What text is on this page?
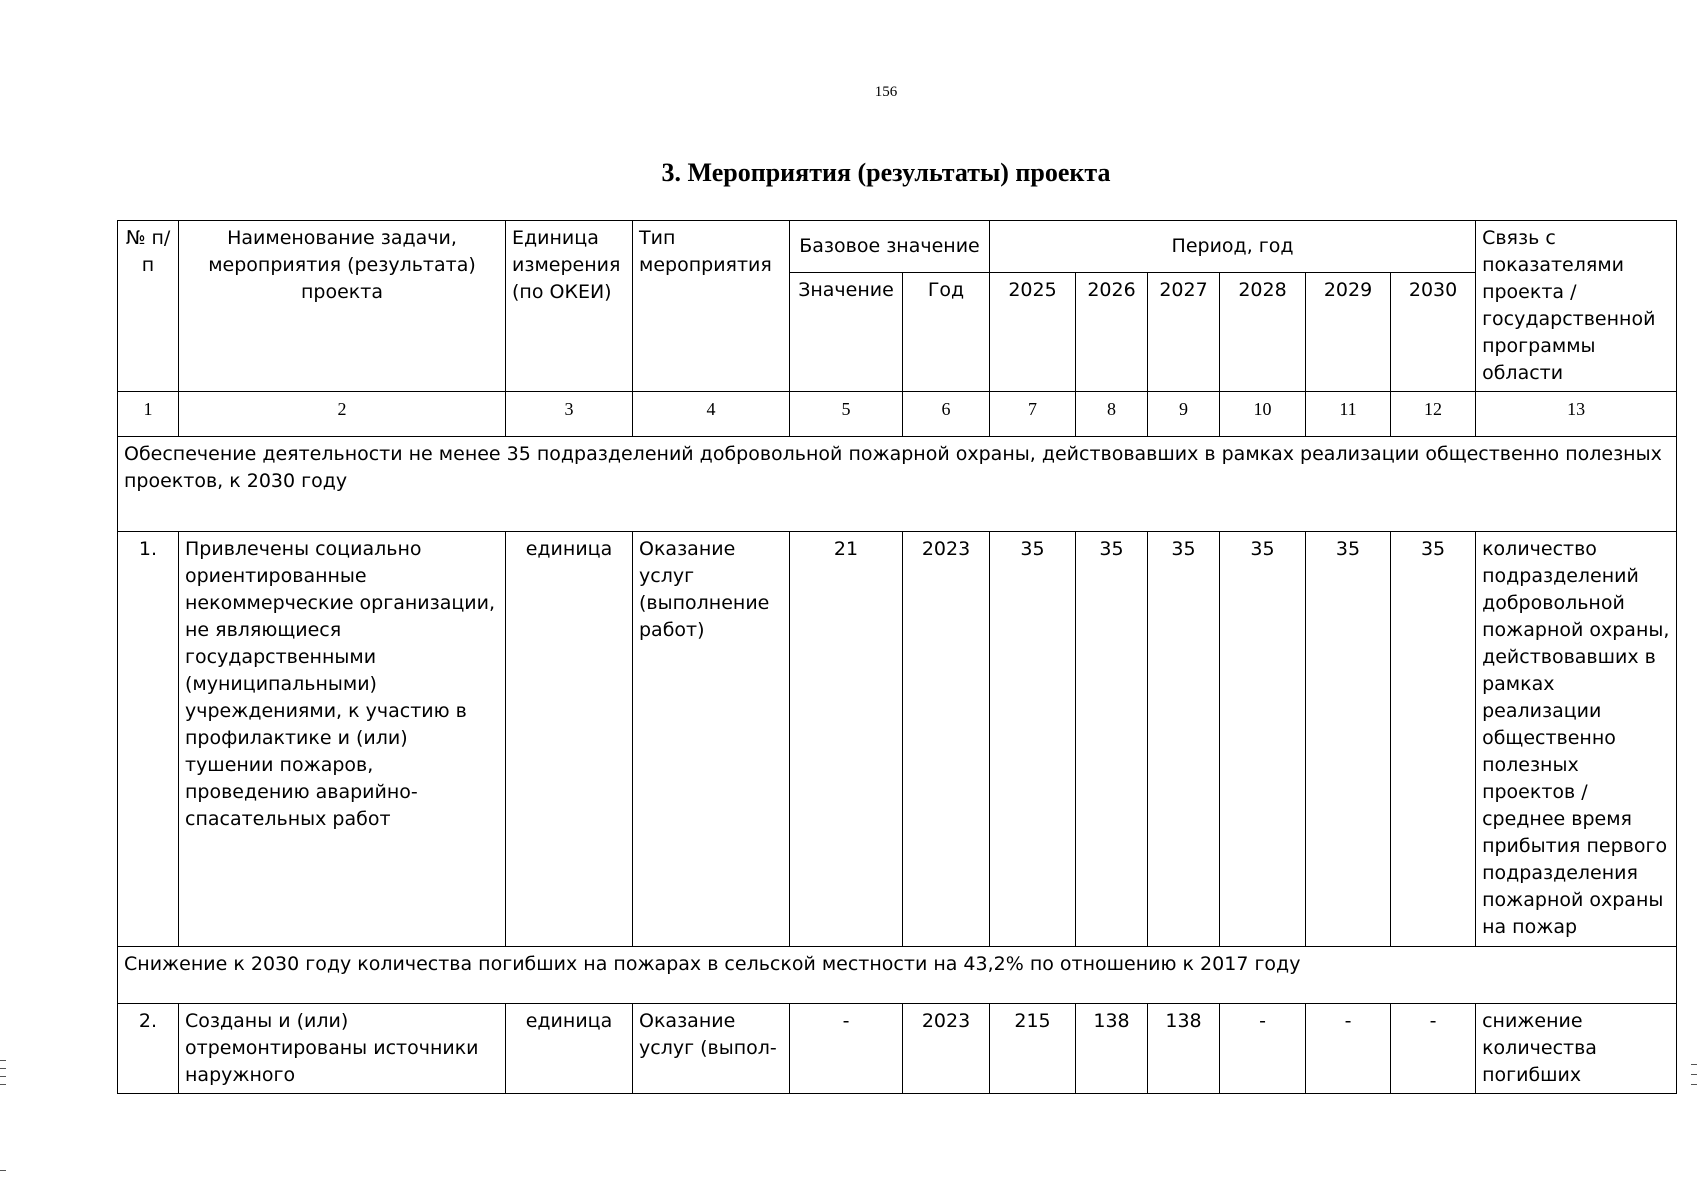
156
3. Мероприятия (результаты) проекта
№ п/п	Наименование задачи, мероприятия (результата) проекта	Единица измерения (по ОКЕИ)	Тип мероприятия	Базовое значение		Период, год						Связь с показателями проекта / государственной программы области
				Значение	Год	2025	2026	2027	2028	2029	2030	
1	2	3	4	5	6	7	8	9	10	11	12	13
Обеспечение деятельности не менее 35 подразделений добровольной пожарной охраны, действовавших в рамках реализации общественно полезных проектов, к 2030 году												
1.	Привлечены социально ориентированные некоммерческие организации, не являющиеся государственными (муниципальными) учреждениями, к участию в профилактике и (или) тушении пожаров, проведению аварийно-спасательных работ	единица	Оказание услуг (выполнение работ)	21	2023	35	35	35	35	35	35	количество подразделений добровольной пожарной охраны, действовавших в рамках реализации общественно полезных проектов / среднее время прибытия первого подразделения пожарной охраны на пожар
Снижение к 2030 году количества погибших на пожарах в сельской местности на 43,2% по отношению к 2017 году												
2.	Созданы и (или) отремонтированы источники наружного	единица	Оказание услуг (выпол-	-	2023	215	138	138	-	-	-	снижение количества погибших
